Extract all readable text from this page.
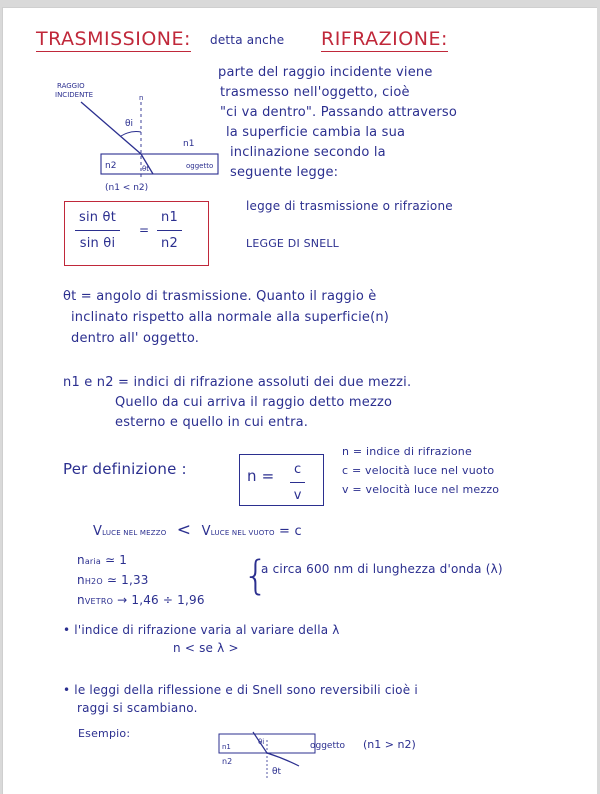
TRASMISSIONE: detta anche RIFRAZIONE:
RAGGIO
INCIDENTE	n
θi
θt
n1
n2	oggetto
(n1 < n2)
parte del raggio incidente viene
trasmesso nell'oggetto, cioè
"ci va dentro". Passando attraverso
la superficie cambia la sua
inclinazione secondo la
seguente legge:
$\frac{\text{sin θt}}{\text{sin θi}} = \frac{n1}{n2}$
legge di trasmissione o rifrazione
LEGGE DI SNELL
θt = angolo di trasmissione. Quanto il raggio è
inclinato rispetto alla normale alla superficie(n)
dentro all' oggetto.
n1 e n2 = indici di rifrazione assoluti dei due mezzi.
Quello da cui arriva il raggio detto mezzo
esterno e quello in cui entra.
Per definizione :	$n = \frac{c}{v}$
n = indice di rifrazione
c = velocità luce nel vuoto
v = velocità luce nel mezzo
VLUCE NEL MEZZO < VLUCE NEL VUOTO = c
naria ≃ 1
nH2O ≃ 1,33
nVETRO → 1,46 ÷ 1,96
{
a circa 600 nm di lunghezza d'onda (λ)
• l'indice di rifrazione varia al variare della λ
n < se λ >
• le leggi della riflessione e di Snell sono reversibili cioè i
raggi si scambiano.
Esempio:
θi
θt
n1
n2
oggetto (n1 > n2)
